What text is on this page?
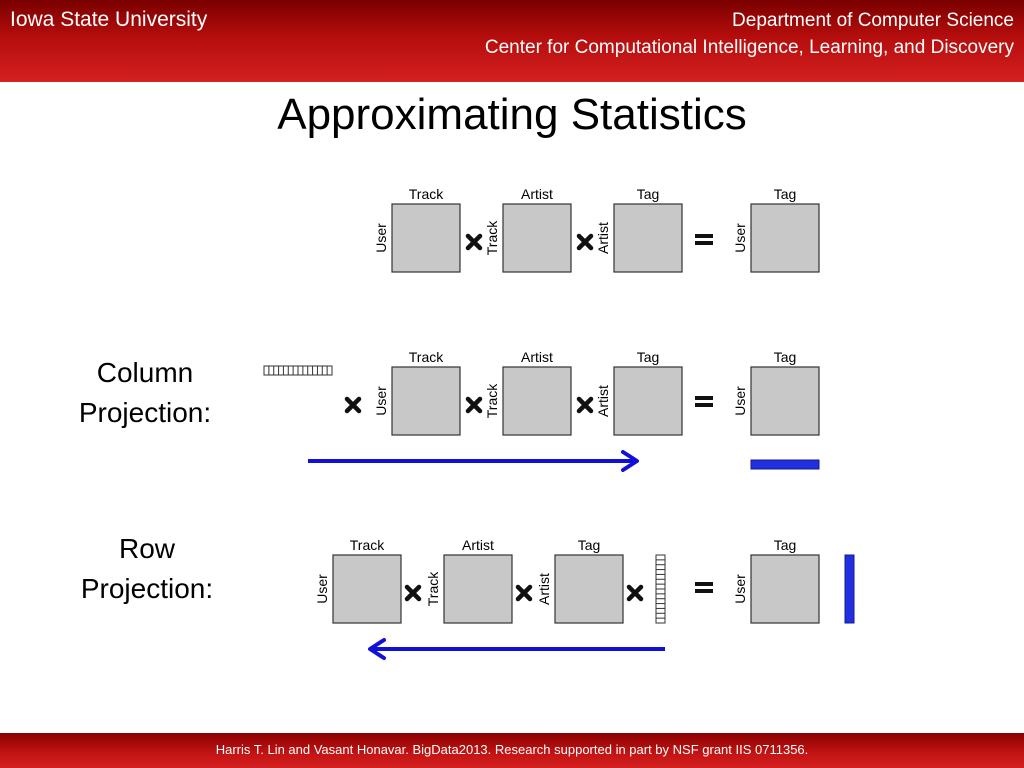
Iowa State University	Department of Computer Science
Center for Computational Intelligence, Learning, and Discovery
Approximating Statistics
Column
Projection:
Row
Projection:
Track
User
Artist
Track
Tag
Artist
Tag
User
Track
User
Artist
Track
Tag
Artist
Tag
User
Track
User
Artist
Track
Tag
Artist
Tag
User
Harris T. Lin and Vasant Honavar. BigData2013. Research supported in part by NSF grant IIS 0711356.
